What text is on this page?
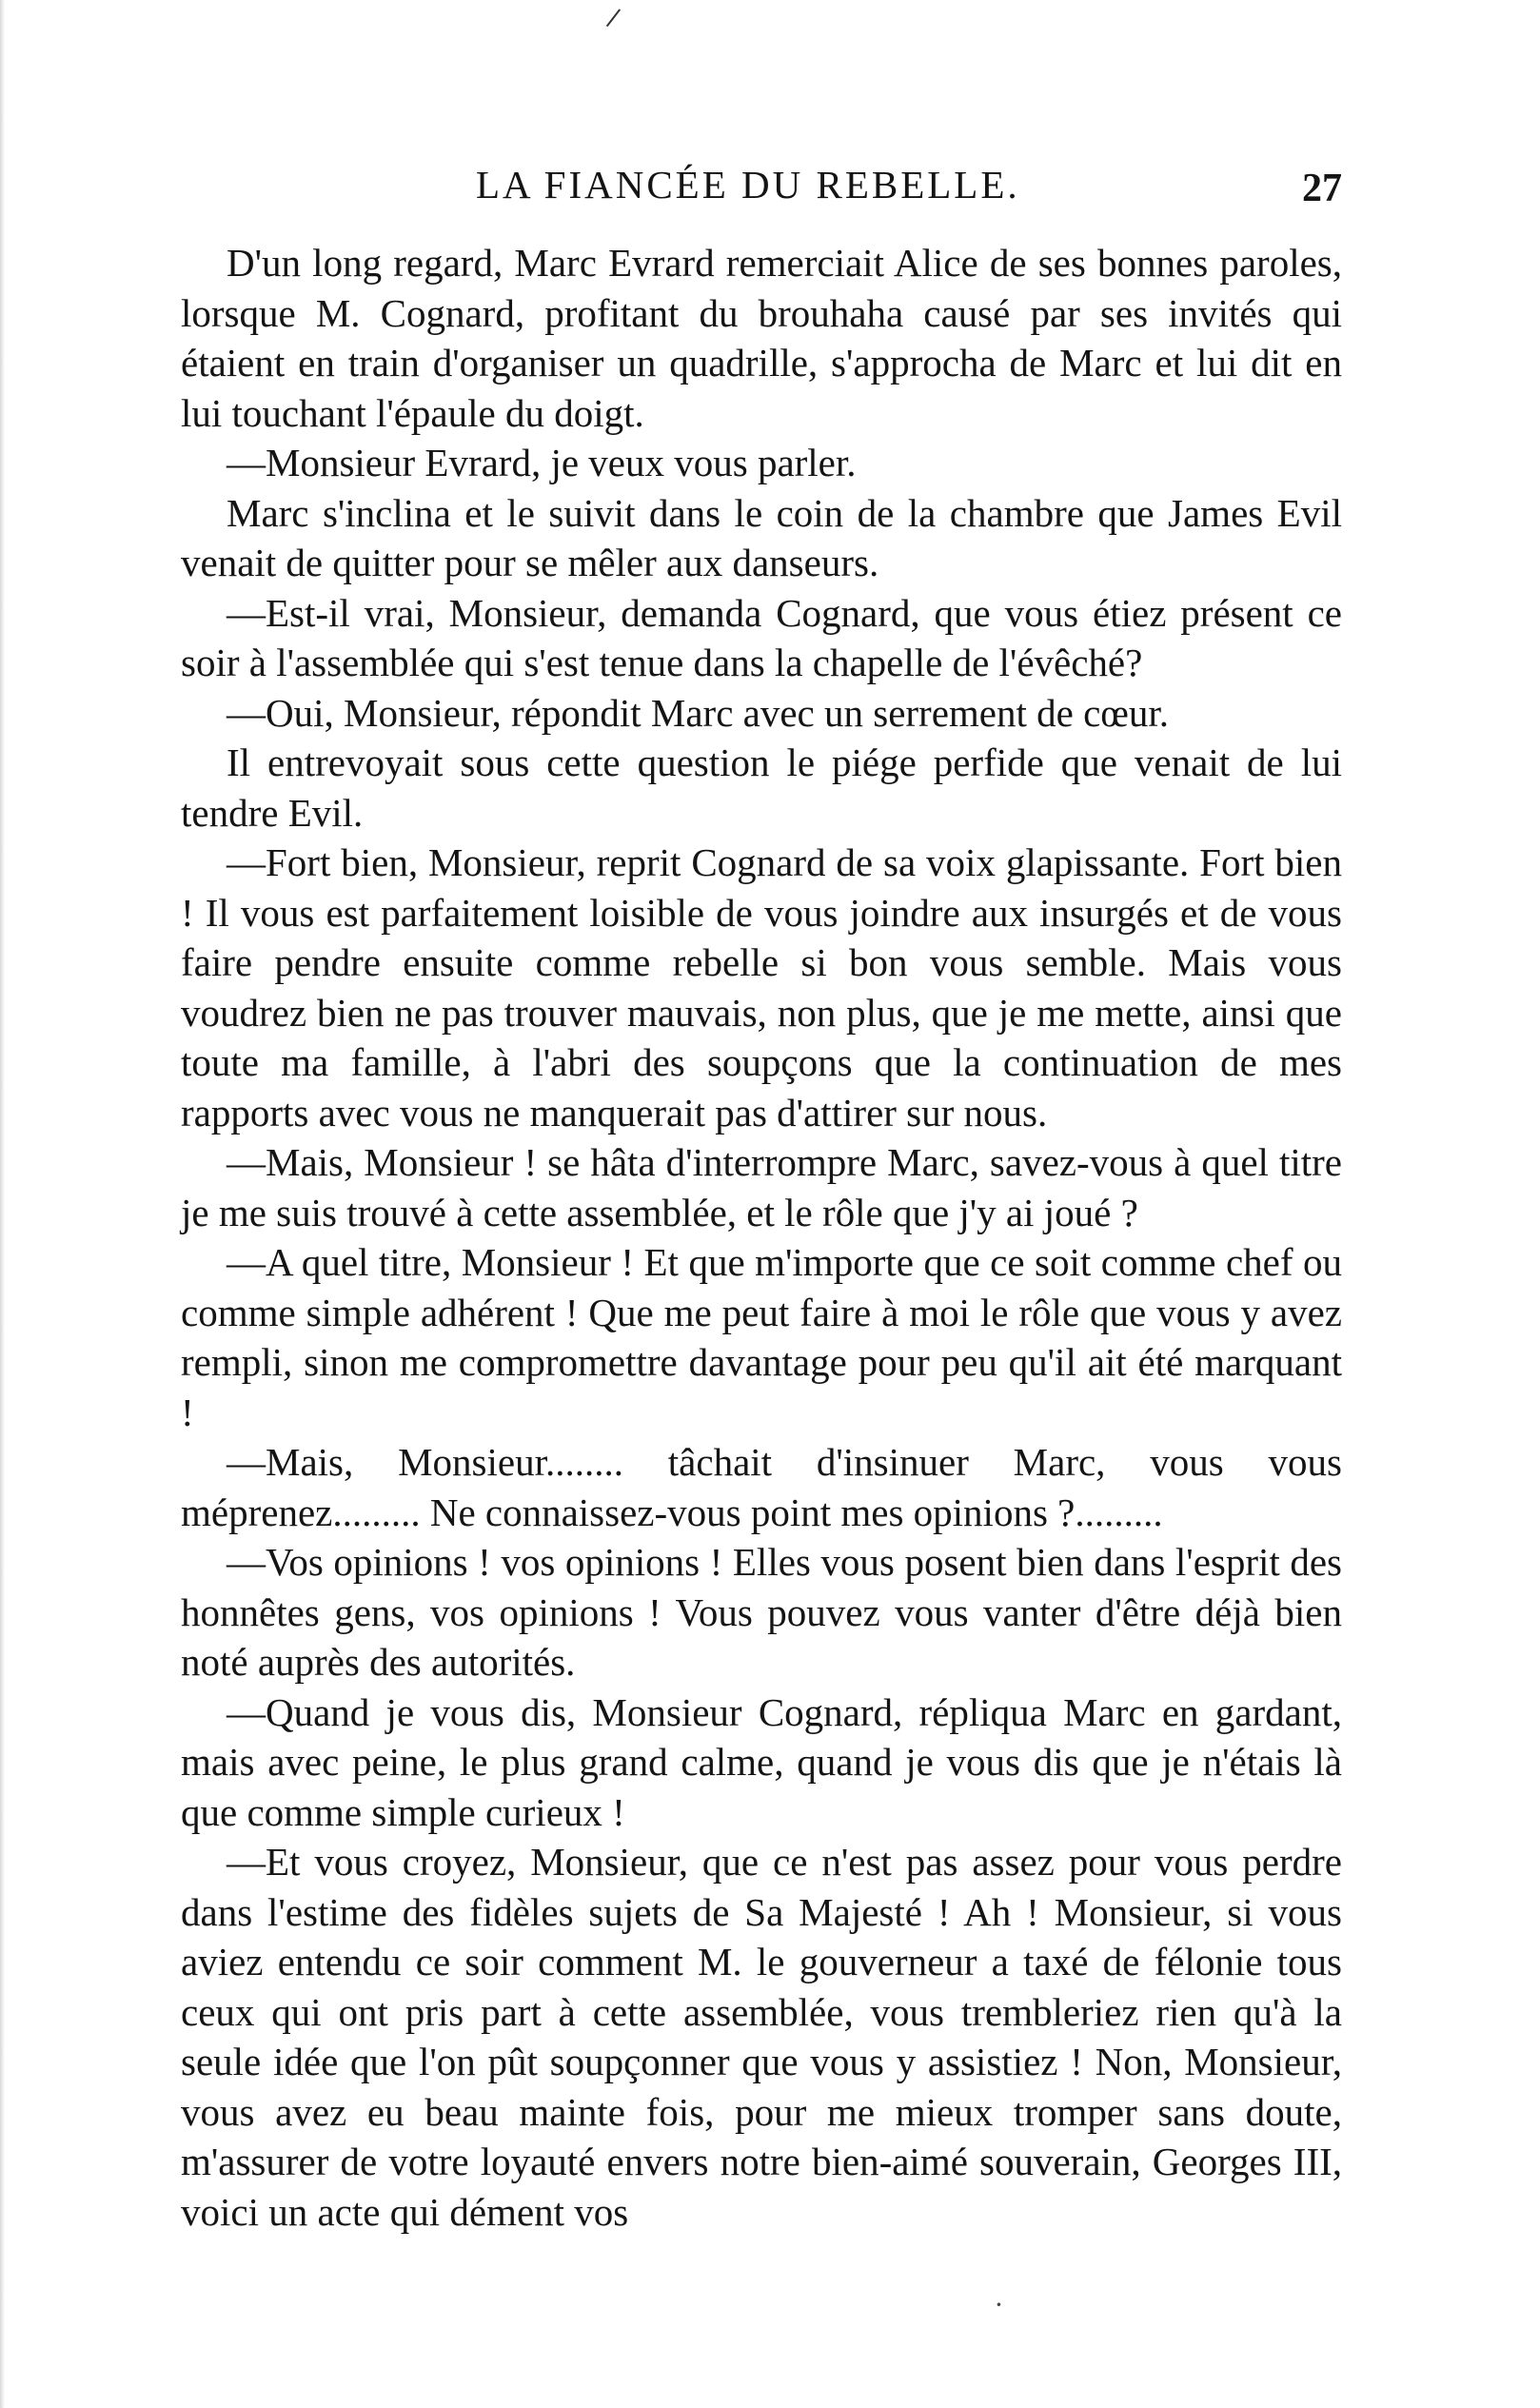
/
LA FIANCÉE DU REBELLE.	27

D'un long regard, Marc Evrard remerciait Alice de ses bonnes paroles, lorsque M. Cognard, profitant du brouhaha causé par ses invités qui étaient en train d'organiser un quadrille, s'approcha de Marc et lui dit en lui touchant l'épaule du doigt.

—Monsieur Evrard, je veux vous parler.

Marc s'inclina et le suivit dans le coin de la chambre que James Evil venait de quitter pour se mêler aux danseurs.

—Est-il vrai, Monsieur, demanda Cognard, que vous étiez présent ce soir à l'assemblée qui s'est tenue dans la chapelle de l'évêché?

—Oui, Monsieur, répondit Marc avec un serrement de cœur.

Il entrevoyait sous cette question le piége perfide que venait de lui tendre Evil.

—Fort bien, Monsieur, reprit Cognard de sa voix glapissante. Fort bien ! Il vous est parfaitement loisible de vous joindre aux insurgés et de vous faire pendre ensuite comme rebelle si bon vous semble. Mais vous voudrez bien ne pas trouver mauvais, non plus, que je me mette, ainsi que toute ma famille, à l'abri des soupçons que la continuation de mes rapports avec vous ne manquerait pas d'attirer sur nous.

—Mais, Monsieur ! se hâta d'interrompre Marc, savez-vous à quel titre je me suis trouvé à cette assemblée, et le rôle que j'y ai joué ?

—A quel titre, Monsieur ! Et que m'importe que ce soit comme chef ou comme simple adhérent ! Que me peut faire à moi le rôle que vous y avez rempli, sinon me compromettre davantage pour peu qu'il ait été marquant !

—Mais, Monsieur........ tâchait d'insinuer Marc, vous vous méprenez......... Ne connaissez-vous point mes opinions ?.........

—Vos opinions ! vos opinions ! Elles vous posent bien dans l'esprit des honnêtes gens, vos opinions ! Vous pouvez vous vanter d'être déjà bien noté auprès des autorités.

—Quand je vous dis, Monsieur Cognard, répliqua Marc en gardant, mais avec peine, le plus grand calme, quand je vous dis que je n'étais là que comme simple curieux !

—Et vous croyez, Monsieur, que ce n'est pas assez pour vous perdre dans l'estime des fidèles sujets de Sa Majesté ! Ah ! Monsieur, si vous aviez entendu ce soir comment M. le gouverneur a taxé de félonie tous ceux qui ont pris part à cette assemblée, vous trembleriez rien qu'à la seule idée que l'on pût soupçonner que vous y assistiez ! Non, Monsieur, vous avez eu beau mainte fois, pour me mieux tromper sans doute, m'assurer de votre loyauté envers notre bien-aimé souverain, Georges III, voici un acte qui dément vos

·
